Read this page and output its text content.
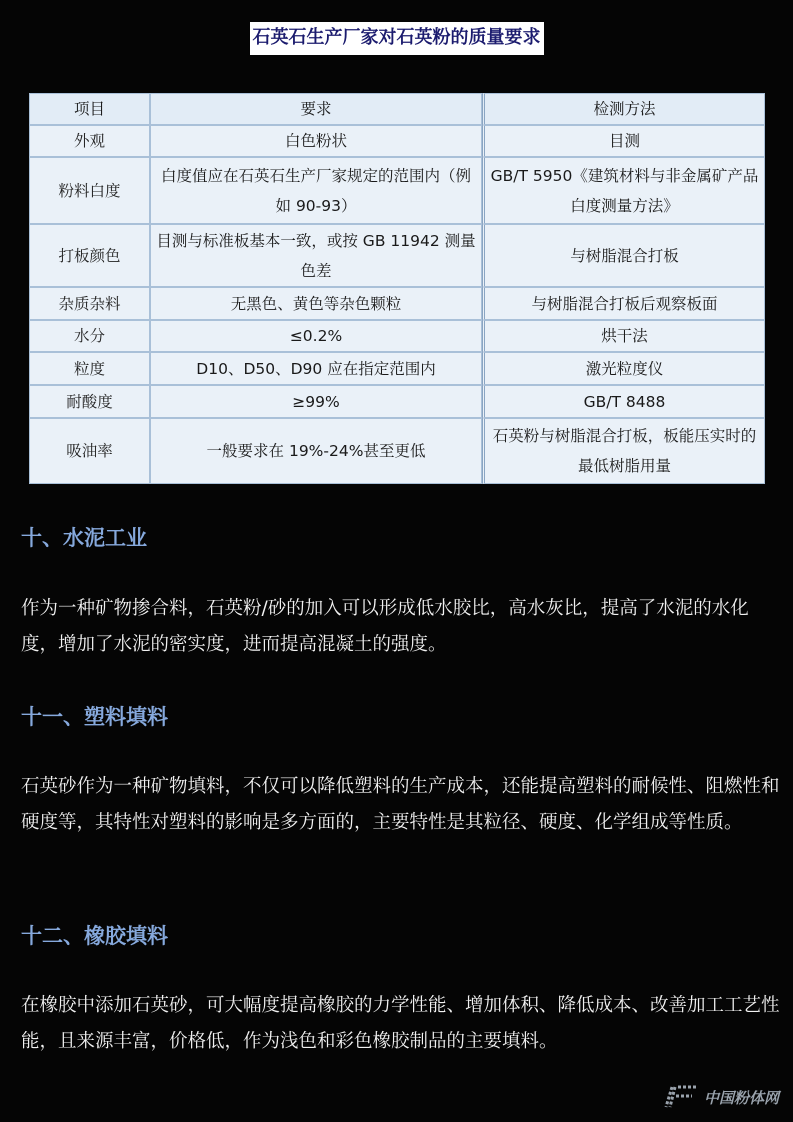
石英石生产厂家对石英粉的质量要求
项目	要求	检测方法
外观	白色粉状	目测
粉料白度	白度值应在石英石生产厂家规定的范围内（例如 90-93）	GB/T 5950《建筑材料与非金属矿产品白度测量方法》
打板颜色	目测与标准板基本一致，或按 GB 11942 测量色差	与树脂混合打板
杂质杂料	无黑色、黄色等杂色颗粒	与树脂混合打板后观察板面
水分	≤0.2%	烘干法
粒度	D10、D50、D90 应在指定范围内	激光粒度仪
耐酸度	≥99%	GB/T 8488
吸油率	一般要求在 19%-24%甚至更低	石英粉与树脂混合打板，板能压实时的最低树脂用量
十、水泥工业

作为一种矿物掺合料，石英粉/砂的加入可以形成低水胶比，高水灰比，提高了水泥的水化度，增加了水泥的密实度，进而提高混凝土的强度。

十一、塑料填料

石英砂作为一种矿物填料，不仅可以降低塑料的生产成本，还能提高塑料的耐候性、阻燃性和硬度等，其特性对塑料的影响是多方面的，主要特性是其粒径、硬度、化学组成等性质。

十二、橡胶填料

在橡胶中添加石英砂，可大幅度提高橡胶的力学性能、增加体积、降低成本、改善加工工艺性能，且来源丰富，价格低，作为浅色和彩色橡胶制品的主要填料。

中国粉体网
